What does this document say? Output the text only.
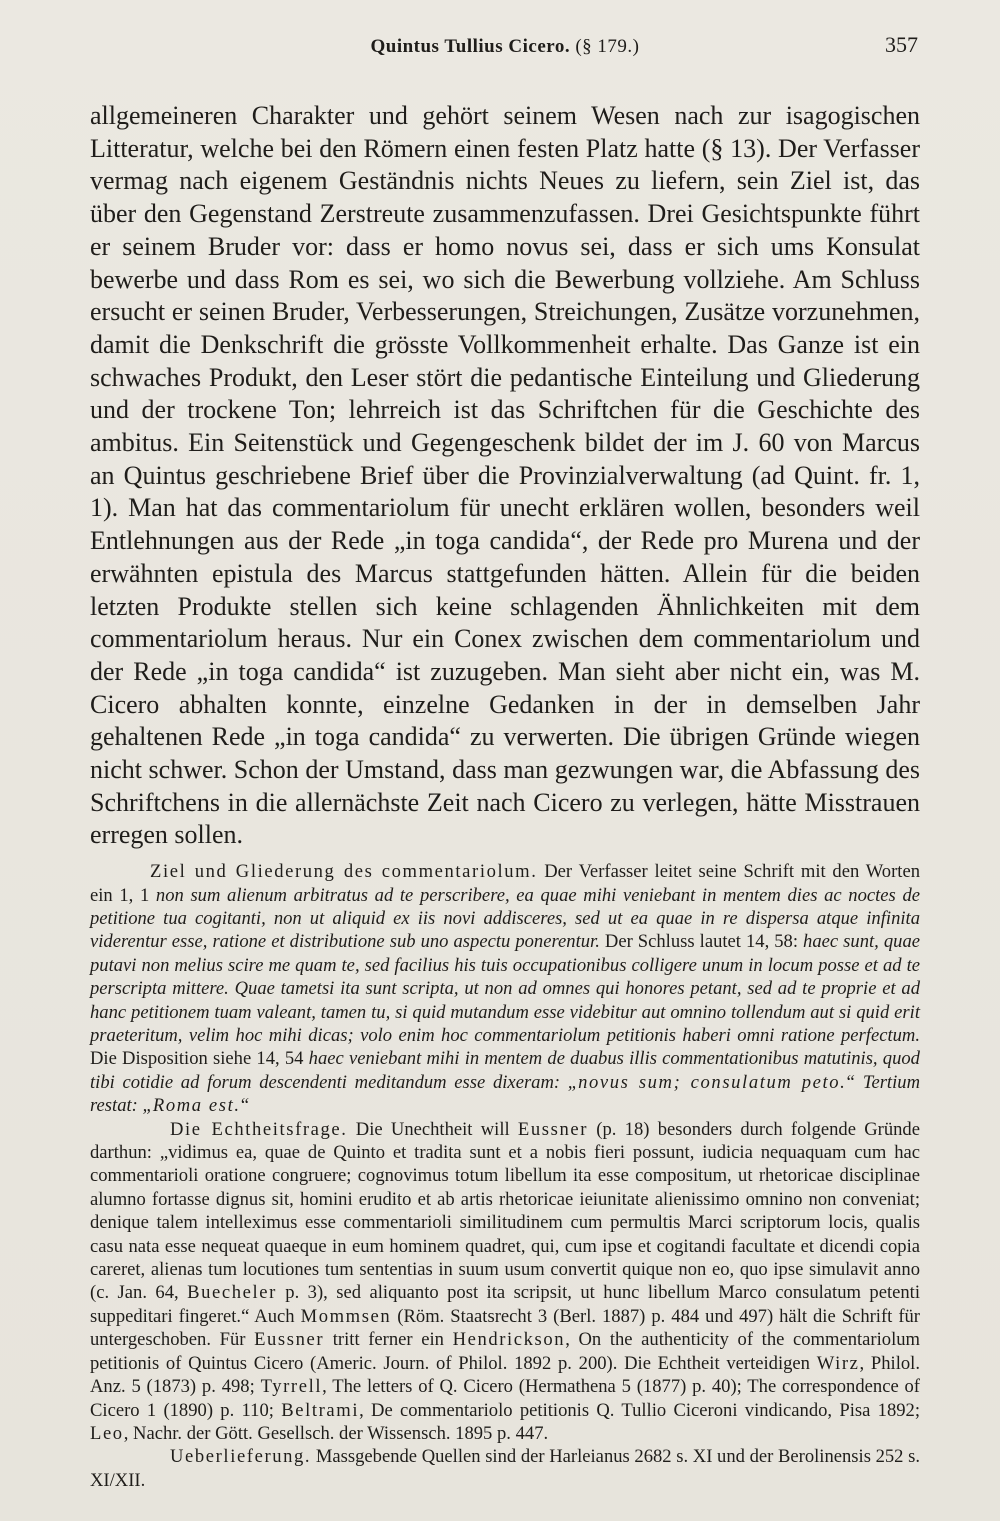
Quintus Tullius Cicero. (§ 179.)	357

allgemeineren Charakter und gehört seinem Wesen nach zur isagogischen Litteratur, welche bei den Römern einen festen Platz hatte (§ 13). Der Verfasser vermag nach eigenem Geständnis nichts Neues zu liefern, sein Ziel ist, das über den Gegenstand Zerstreute zusammenzufassen. Drei Gesichtspunkte führt er seinem Bruder vor: dass er homo novus sei, dass er sich ums Konsulat bewerbe und dass Rom es sei, wo sich die Bewerbung vollziehe. Am Schluss ersucht er seinen Bruder, Verbesserungen, Streichungen, Zusätze vorzunehmen, damit die Denkschrift die grösste Vollkommenheit erhalte. Das Ganze ist ein schwaches Produkt, den Leser stört die pedantische Einteilung und Gliederung und der trockene Ton; lehrreich ist das Schriftchen für die Geschichte des ambitus. Ein Seitenstück und Gegengeschenk bildet der im J. 60 von Marcus an Quintus geschriebene Brief über die Provinzialverwaltung (ad Quint. fr. 1, 1). Man hat das commentariolum für unecht erklären wollen, besonders weil Entlehnungen aus der Rede „in toga candida“, der Rede pro Murena und der erwähnten epistula des Marcus stattgefunden hätten. Allein für die beiden letzten Produkte stellen sich keine schlagenden Ähnlichkeiten mit dem commentariolum heraus. Nur ein Conex zwischen dem commentariolum und der Rede „in toga candida“ ist zuzugeben. Man sieht aber nicht ein, was M. Cicero abhalten konnte, einzelne Gedanken in der in demselben Jahr gehaltenen Rede „in toga candida“ zu verwerten. Die übrigen Gründe wiegen nicht schwer. Schon der Umstand, dass man gezwungen war, die Abfassung des Schriftchens in die allernächste Zeit nach Cicero zu verlegen, hätte Misstrauen erregen sollen.

Ziel und Gliederung des commentariolum. Der Verfasser leitet seine Schrift mit den Worten ein 1, 1 non sum alienum arbitratus ad te perscribere, ea quae mihi veniebant in mentem dies ac noctes de petitione tua cogitanti, non ut aliquid ex iis novi addisceres, sed ut ea quae in re dispersa atque infinita viderentur esse, ratione et distributione sub uno aspectu ponerentur. Der Schluss lautet 14, 58: haec sunt, quae putavi non melius scire me quam te, sed facilius his tuis occupationibus colligere unum in locum posse et ad te perscripta mittere. Quae tametsi ita sunt scripta, ut non ad omnes qui honores petant, sed ad te proprie et ad hanc petitionem tuam valeant, tamen tu, si quid mutandum esse videbitur aut omnino tollendum aut si quid erit praeteritum, velim hoc mihi dicas; volo enim hoc commentariolum petitionis haberi omni ratione perfectum. Die Disposition siehe 14, 54 haec veniebant mihi in mentem de duabus illis commentationibus matutinis, quod tibi cotidie ad forum descendenti meditandum esse dixeram: „novus sum; consulatum peto.“ Tertium restat: „Roma est.“

Die Echtheitsfrage. Die Unechtheit will Eussner (p. 18) besonders durch folgende Gründe darthun: „vidimus ea, quae de Quinto et tradita sunt et a nobis fieri possunt, iudicia nequaquam cum hac commentarioli oratione congruere; cognovimus totum libellum ita esse compositum, ut rhetoricae disciplinae alumno fortasse dignus sit, homini erudito et ab artis rhetoricae ieiunitate alienissimo omnino non conveniat; denique talem intelleximus esse commentarioli similitudinem cum permultis Marci scriptorum locis, qualis casu nata esse nequeat quaeque in eum hominem quadret, qui, cum ipse et cogitandi facultate et dicendi copia careret, alienas tum locutiones tum sententias in suum usum convertit quique non eo, quo ipse simulavit anno (c. Jan. 64, Buecheler p. 3), sed aliquanto post ita scripsit, ut hunc libellum Marco consulatum petenti suppeditari fingeret.“ Auch Mommsen (Röm. Staatsrecht 3 (Berl. 1887) p. 484 und 497) hält die Schrift für untergeschoben. Für Eussner tritt ferner ein Hendrickson, On the authenticity of the commentariolum petitionis of Quintus Cicero (Americ. Journ. of Philol. 1892 p. 200). Die Echtheit verteidigen Wirz, Philol. Anz. 5 (1873) p. 498; Tyrrell, The letters of Q. Cicero (Hermathena 5 (1877) p. 40); The correspondence of Cicero 1 (1890) p. 110; Beltrami, De commentariolo petitionis Q. Tullio Ciceroni vindicando, Pisa 1892; Leo, Nachr. der Gött. Gesellsch. der Wissensch. 1895 p. 447.

Ueberlieferung. Massgebende Quellen sind der Harleianus 2682 s. XI und der Berolinensis 252 s. XI/XII.
